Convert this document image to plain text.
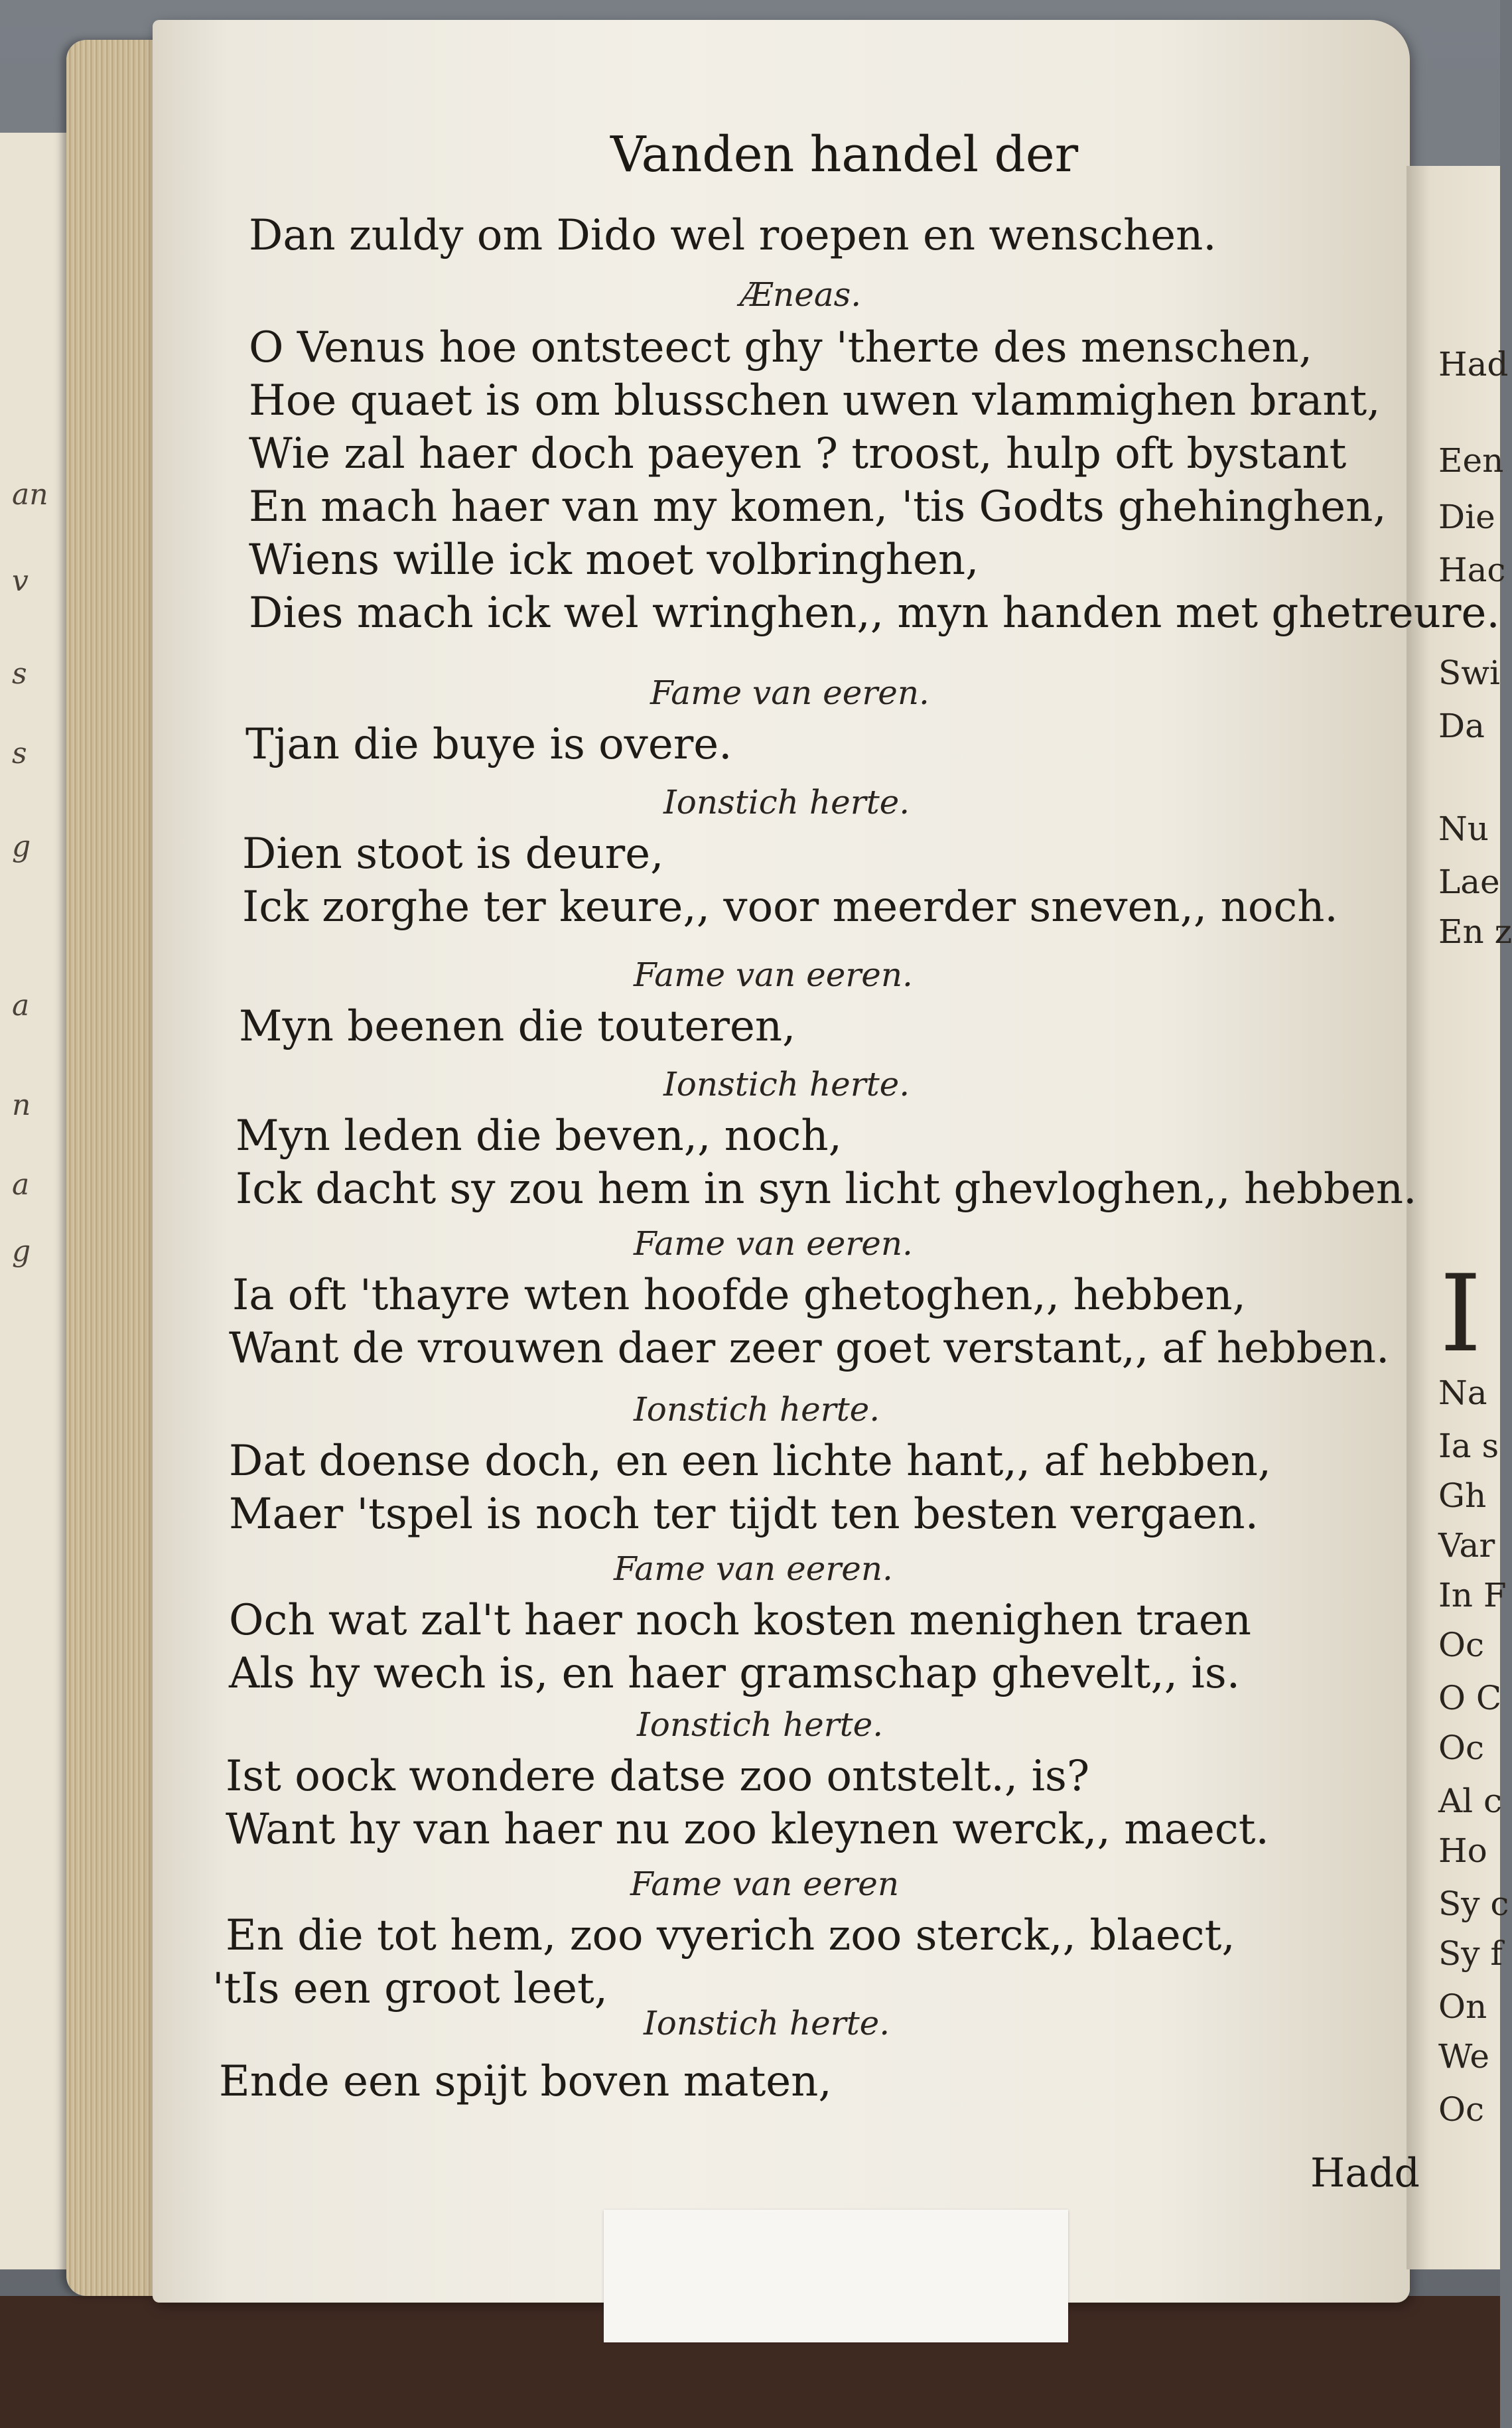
an
v
s
s
g
a
n
a
g
Had
Een
Die
Hac
Swi
Da
Nu
Lae
En z
I
Na
Ia s
Gh
Var
In F
Oc
O C
Oc
Al c
Ho
Sy c
Sy f
On
We
Oc
Vanden handel der
Dan zuldy om Dido wel roepen en wenschen.
Æneas.
O Venus hoe ontsteect ghy 'therte des menschen,
Hoe quaet is om blusschen uwen vlammighen brant,
Wie zal haer doch paeyen ? troost, hulp oft bystant
En mach haer van my komen, 'tis Godts ghehinghen,
Wiens wille ick moet volbringhen,
Dies mach ick wel wringhen,, myn handen met ghetreure.
Fame van eeren.
Tjan die buye is overe.
Ionstich herte.
Dien stoot is deure,
Ick zorghe ter keure,, voor meerder sneven,, noch.
Fame van eeren.
Myn beenen die touteren,
Ionstich herte.
Myn leden die beven,, noch,
Ick dacht sy zou hem in syn licht ghevloghen,, hebben.
Fame van eeren.
Ia oft 'thayre wten hoofde ghetoghen,, hebben,
Want de vrouwen daer zeer goet verstant,, af hebben.
Ionstich herte.
Dat doense doch, en een lichte hant,, af hebben,
Maer 'tspel is noch ter tijdt ten besten vergaen.
Fame van eeren.
Och wat zal't haer noch kosten menighen traen
Als hy wech is, en haer gramschap ghevelt,, is.
Ionstich herte.
Ist oock wondere datse zoo ontstelt., is?
Want hy van haer nu zoo kleynen werck,, maect.
Fame van eeren
En die tot hem, zoo vyerich zoo sterck,, blaect,
'tIs een groot leet,
Ionstich herte.
Ende een spijt boven maten,
Hadd
